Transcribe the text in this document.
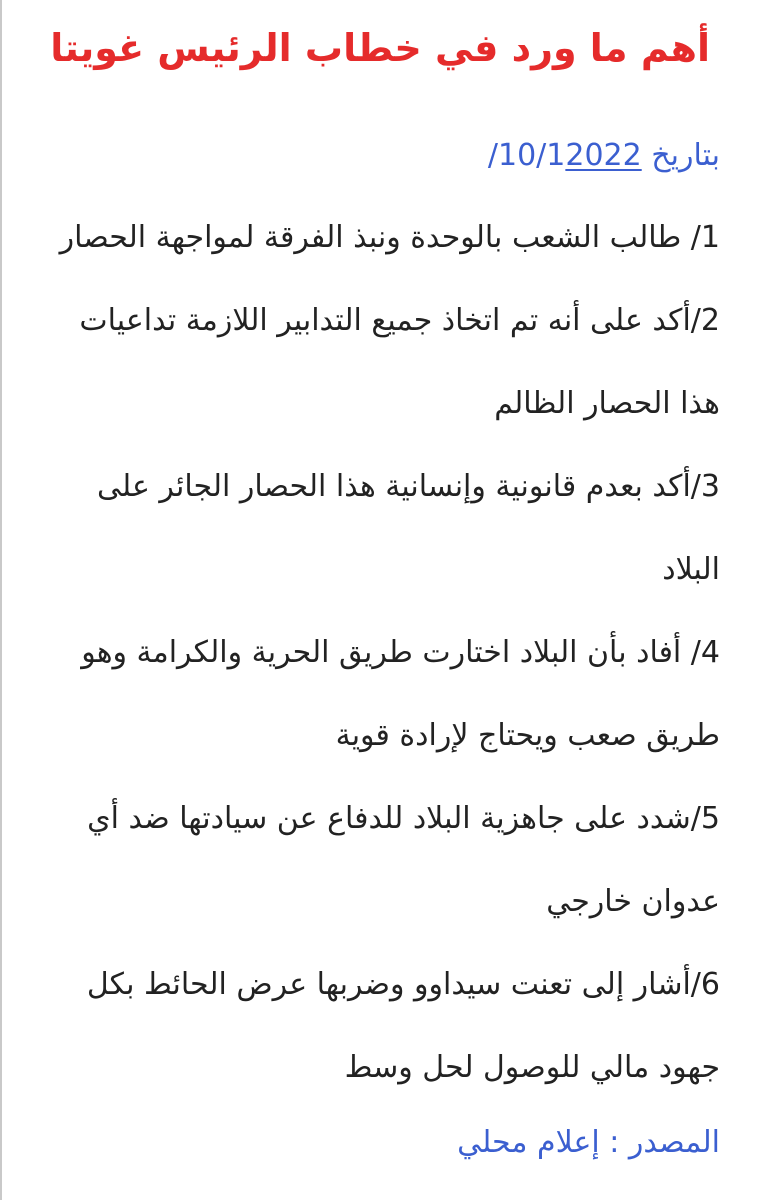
أهم ما ورد في خطاب الرئيس غويتا
بتاريخ /10/12022

1/ طالب الشعب بالوحدة ونبذ الفرقة لمواجهة الحصار

2/أكد على أنه تم اتخاذ جميع التدابير اللازمة تداعيات هذا الحصار الظالم

3/أكد بعدم قانونية وإنسانية هذا الحصار الجائر على البلاد

4/ أفاد بأن البلاد اختارت طريق الحرية والكرامة وهو طريق صعب ويحتاج لإرادة قوية

5/شدد على جاهزية البلاد للدفاع عن سيادتها ضد أي عدوان خارجي

6/أشار إلى تعنت سيداوو وضربها عرض الحائط بكل جهود مالي للوصول لحل وسط

المصدر : إعلام محلي
